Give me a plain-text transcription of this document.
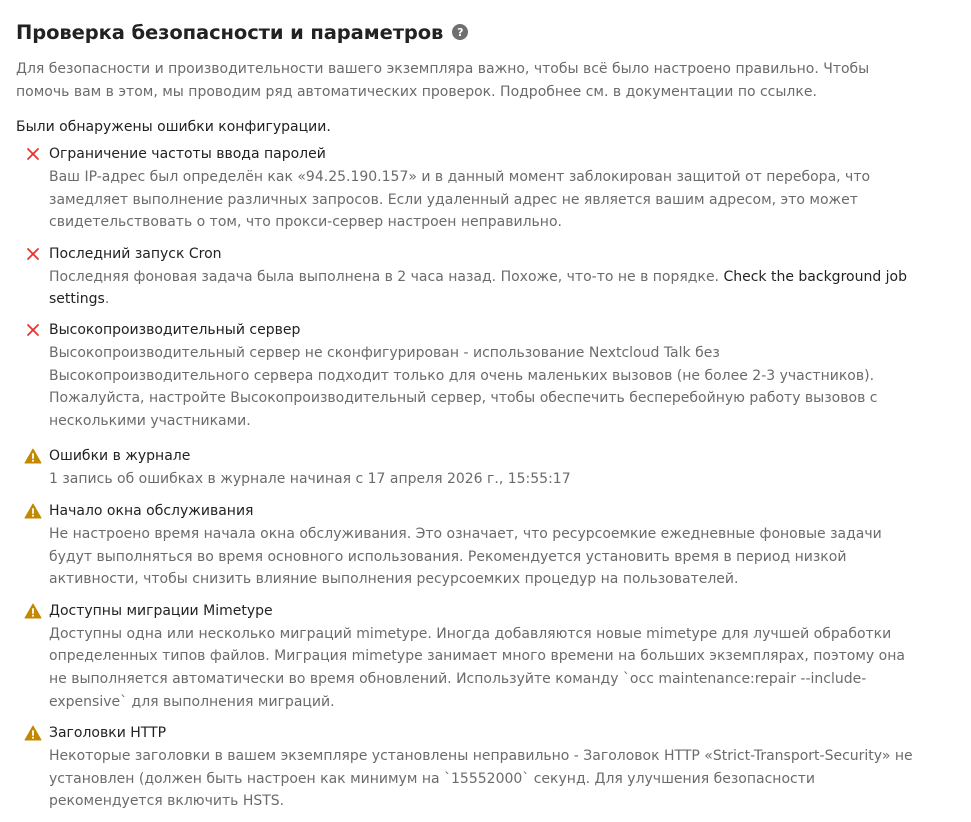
Проверка безопасности и параметров	?
Для безопасности и производительности вашего экземпляра важно, чтобы всё было настроено правильно. Чтобы помочь вам в этом, мы проводим ряд автоматических проверок. Подробнее см. в документации по ссылке.
Были обнаружены ошибки конфигурации.
Ограничение частоты ввода паролей
Ваш IP-адрес был определён как «94.25.190.157» и в данный момент заблокирован защитой от перебора, что замедляет выполнение различных запросов. Если удаленный адрес не является вашим адресом, это может свидетельствовать о том, что прокси-сервер настроен неправильно.
Последний запуск Cron
Последняя фоновая задача была выполнена в 2 часа назад. Похоже, что-то не в порядке. Check the background job settings.
Высокопроизводительный сервер
Высокопроизводительный сервер не сконфигурирован - использование Nextcloud Talk без Высокопроизводительного сервера подходит только для очень маленьких вызовов (не более 2-3 участников). Пожалуйста, настройте Высокопроизводительный сервер, чтобы обеспечить бесперебойную работу вызовов с несколькими участниками.
Ошибки в журнале
1 запись об ошибках в журнале начиная с 17 апреля 2026 г., 15:55:17
Начало окна обслуживания
Не настроено время начала окна обслуживания. Это означает, что ресурсоемкие ежедневные фоновые задачи будут выполняться во время основного использования. Рекомендуется установить время в период низкой активности, чтобы снизить влияние выполнения ресурсоемких процедур на пользователей.
Доступны миграции Mimetype
Доступны одна или несколько миграций mimetype. Иногда добавляются новые mimetype для лучшей обработки определенных типов файлов. Миграция mimetype занимает много времени на больших экземплярах, поэтому она не выполняется автоматически во время обновлений. Используйте команду `occ maintenance:repair --include-expensive` для выполнения миграций.
Заголовки HTTP
Некоторые заголовки в вашем экземпляре установлены неправильно - Заголовок HTTP «Strict-Transport-Security» не установлен (должен быть настроен как минимум на `15552000` секунд. Для улучшения безопасности рекомендуется включить HSTS.
